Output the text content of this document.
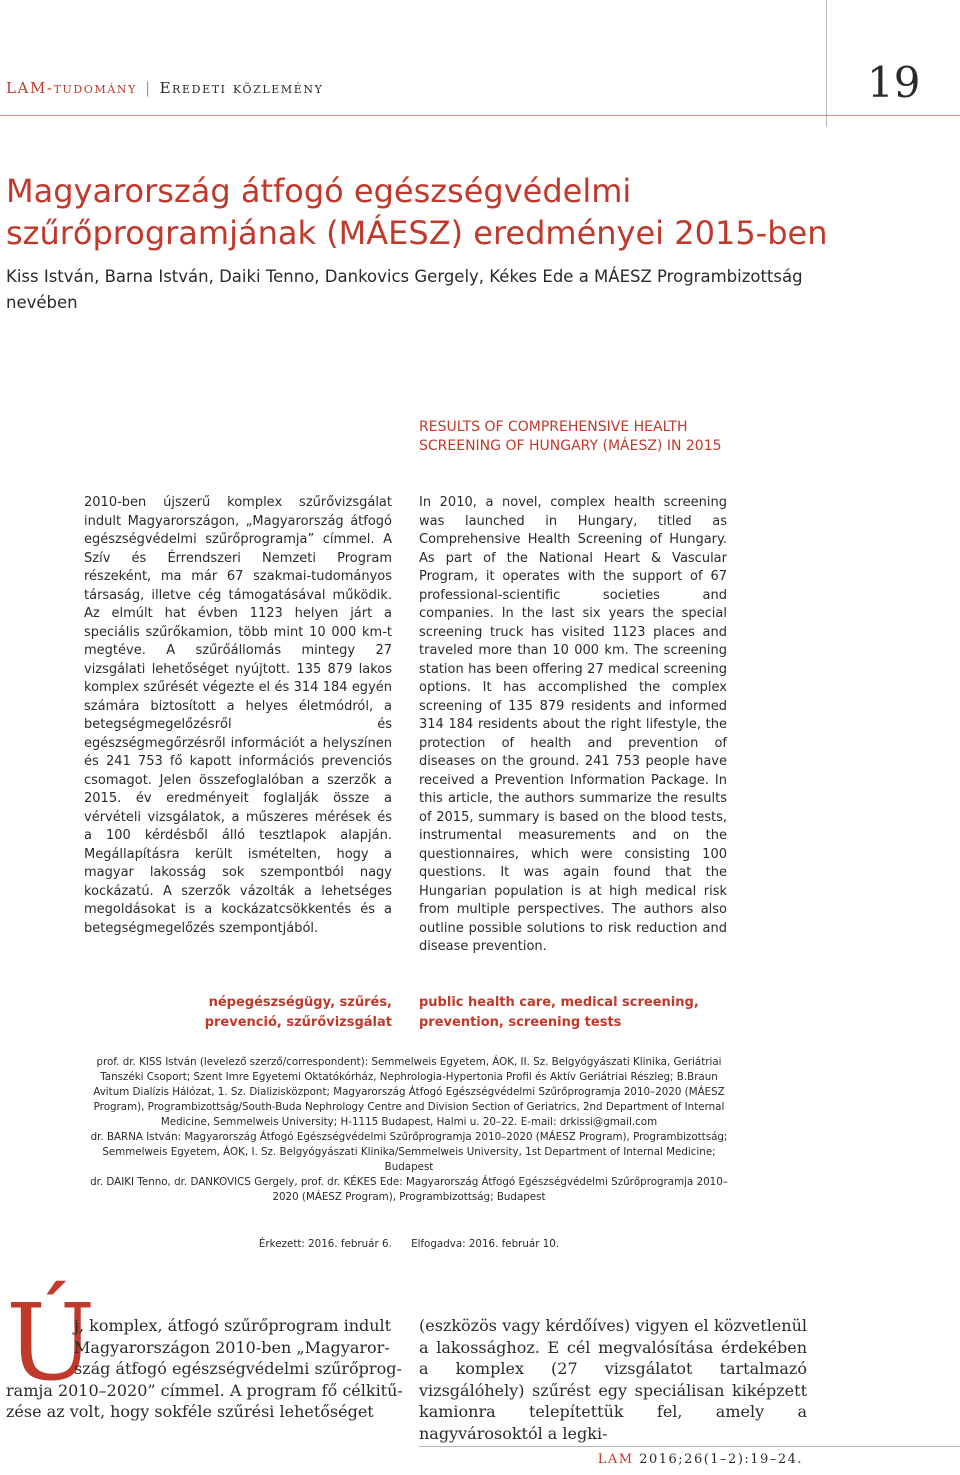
LAM-tudomány | Eredeti közlemény	19
Magyarország átfogó egészségvédelmi szűrőprogramjának (MÁESZ) eredményei 2015-ben

Kiss István, Barna István, Daiki Tenno, Dankovics Gergely, Kékes Ede a MÁESZ Programbizottság nevében

RESULTS OF COMPREHENSIVE HEALTH SCREENING OF HUNGARY (MÁESZ) IN 2015

2010-ben újszerű komplex szűrővizsgálat indult Magyarországon, „Magyarország átfogó egészségvédelmi szűrőprogramja” címmel. A Szív és Érrendszeri Nemzeti Program részeként, ma már 67 szakmai-tudományos társaság, illetve cég támogatásával működik. Az elmúlt hat évben 1123 helyen járt a speciális szűrőkamion, több mint 10 000 km-t megtéve. A szűrőállomás mintegy 27 vizsgálati lehetőséget nyújtott. 135 879 lakos komplex szűrését végezte el és 314 184 egyén számára biztosított a helyes életmódról, a betegségmegelőzésről és egészségmegőrzésről információt a helyszínen és 241 753 fő kapott információs prevenciós csomagot. Jelen összefoglalóban a szerzők a 2015. év eredményeit foglalják össze a vérvételi vizsgálatok, a műszeres mérések és a 100 kérdésből álló tesztlapok alapján. Megállapításra került ismételten, hogy a magyar lakosság sok szempontból nagy kockázatú. A szerzők vázolták a lehetséges megoldásokat is a kockázatcsökkentés és a betegségmegelőzés szempontjából.

In 2010, a novel, complex health screening was launched in Hungary, titled as Comprehensive Health Screening of Hungary. As part of the National Heart & Vascular Program, it operates with the support of 67 professional-scientific societies and companies. In the last six years the special screening truck has visited 1123 places and traveled more than 10 000 km. The screening station has been offering 27 medical screening options. It has accomplished the complex screening of 135 879 residents and informed 314 184 residents about the right lifestyle, the protection of health and prevention of diseases on the ground. 241 753 people have received a Prevention Information Package. In this article, the authors summarize the results of 2015, summary is based on the blood tests, instrumental measurements and on the questionnaires, which were consisting 100 questions. It was again found that the Hungarian population is at high medical risk from multiple perspectives. The authors also outline possible solutions to risk reduction and disease prevention.

népegészségügy, szűrés,
prevenció, szűrővizsgálat
public health care, medical screening,
prevention, screening tests

prof. dr. KISS István (levelező szerző/correspondent): Semmelweis Egyetem, ÁOK, II. Sz. Belgyógyászati Klinika, Geriátriai Tanszéki Csoport; Szent Imre Egyetemi Oktatókórház, Nephrologia-Hypertonia Profil és Aktív Geriátriai Részleg; B.Braun Avitum Dialízis Hálózat, 1. Sz. Dializisközpont; Magyarország Átfogó Egészségvédelmi Szűrőprogramja 2010–2020 (MÁESZ Program), Programbizottság/South-Buda Nephrology Centre and Division Section of Geriatrics, 2nd Department of Internal Medicine, Semmelweis University; H-1115 Budapest, Halmi u. 20–22. E-mail: drkissi@gmail.com

dr. BARNA István: Magyarország Átfogó Egészségvédelmi Szűrőprogramja 2010–2020 (MÁESZ Program), Programbizottság; Semmelweis Egyetem, ÁOK, I. Sz. Belgyógyászati Klinika/Semmelweis University, 1st Department of Internal Medicine; Budapest

dr. DAIKI Tenno, dr. DANKOVICS Gergely, prof. dr. KÉKES Ede: Magyarország Átfogó Egészségvédelmi Szűrőprogramja 2010–2020 (MÁESZ Program), Programbizottság; Budapest

Érkezett: 2016. február 6. Elfogadva: 2016. február 10.
Ú
j, komplex, átfogó szűrőprogram indult
Magyarországon 2010-ben „Magyaror-
szág átfogó egészségvédelmi szűrőprog-
ramja 2010–2020” címmel. A program fő célkitű-
zése az volt, hogy sokféle szűrési lehetőséget

(eszközös vagy kérdőíves) vigyen el közvetlenül a lakossághoz. E cél megvalósítása érdekében a komplex (27 vizsgálatot tartalmazó vizsgálóhely) szűrést egy speciálisan kiképzett kamionra telepítettük fel, amely a nagyvárosoktól a legki-

LAM 2016;26(1–2):19–24.
